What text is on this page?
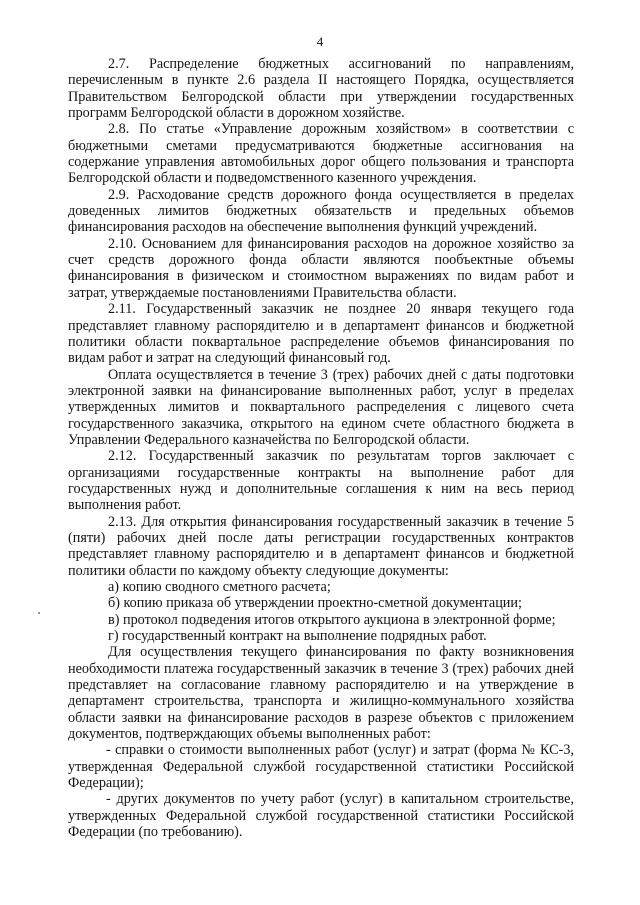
4

2.7. Распределение бюджетных ассигнований по направлениям, перечисленным в пункте 2.6 раздела II настоящего Порядка, осуществляется Правительством Белгородской области при утверждении государственных программ Белгородской области в дорожном хозяйстве.

2.8. По статье «Управление дорожным хозяйством» в соответствии с бюджетными сметами предусматриваются бюджетные ассигнования на содержание управления автомобильных дорог общего пользования и транспорта Белгородской области и подведомственного казенного учреждения.

2.9. Расходование средств дорожного фонда осуществляется в пределах доведенных лимитов бюджетных обязательств и предельных объемов финансирования расходов на обеспечение выполнения функций учреждений.

2.10. Основанием для финансирования расходов на дорожное хозяйство за счет средств дорожного фонда области являются пообъектные объемы финансирования в физическом и стоимостном выражениях по видам работ и затрат, утверждаемые постановлениями Правительства области.

2.11. Государственный заказчик не позднее 20 января текущего года представляет главному распорядителю и в департамент финансов и бюджетной политики области поквартальное распределение объемов финансирования по видам работ и затрат на следующий финансовый год.

Оплата осуществляется в течение 3 (трех) рабочих дней с даты подготовки электронной заявки на финансирование выполненных работ, услуг в пределах утвержденных лимитов и поквартального распределения с лицевого счета государственного заказчика, открытого на едином счете областного бюджета в Управлении Федерального казначейства по Белгородской области.

2.12. Государственный заказчик по результатам торгов заключает с организациями государственные контракты на выполнение работ для государственных нужд и дополнительные соглашения к ним на весь период выполнения работ.

2.13. Для открытия финансирования государственный заказчик в течение 5 (пяти) рабочих дней после даты регистрации государственных контрактов представляет главному распорядителю и в департамент финансов и бюджетной политики области по каждому объекту следующие документы:

а) копию сводного сметного расчета;

б) копию приказа об утверждении проектно-сметной документации;

в) протокол подведения итогов открытого аукциона в электронной форме;

г) государственный контракт на выполнение подрядных работ.

Для осуществления текущего финансирования по факту возникновения необходимости платежа государственный заказчик в течение 3 (трех) рабочих дней представляет на согласование главному распорядителю и на утверждение в департамент строительства, транспорта и жилищно-коммунального хозяйства области заявки на финансирование расходов в разрезе объектов с приложением документов, подтверждающих объемы выполненных работ:

- справки о стоимости выполненных работ (услуг) и затрат (форма № КС-3, утвержденная Федеральной службой государственной статистики Российской Федерации);

- других документов по учету работ (услуг) в капитальном строительстве, утвержденных Федеральной службой государственной статистики Российской Федерации (по требованию).
